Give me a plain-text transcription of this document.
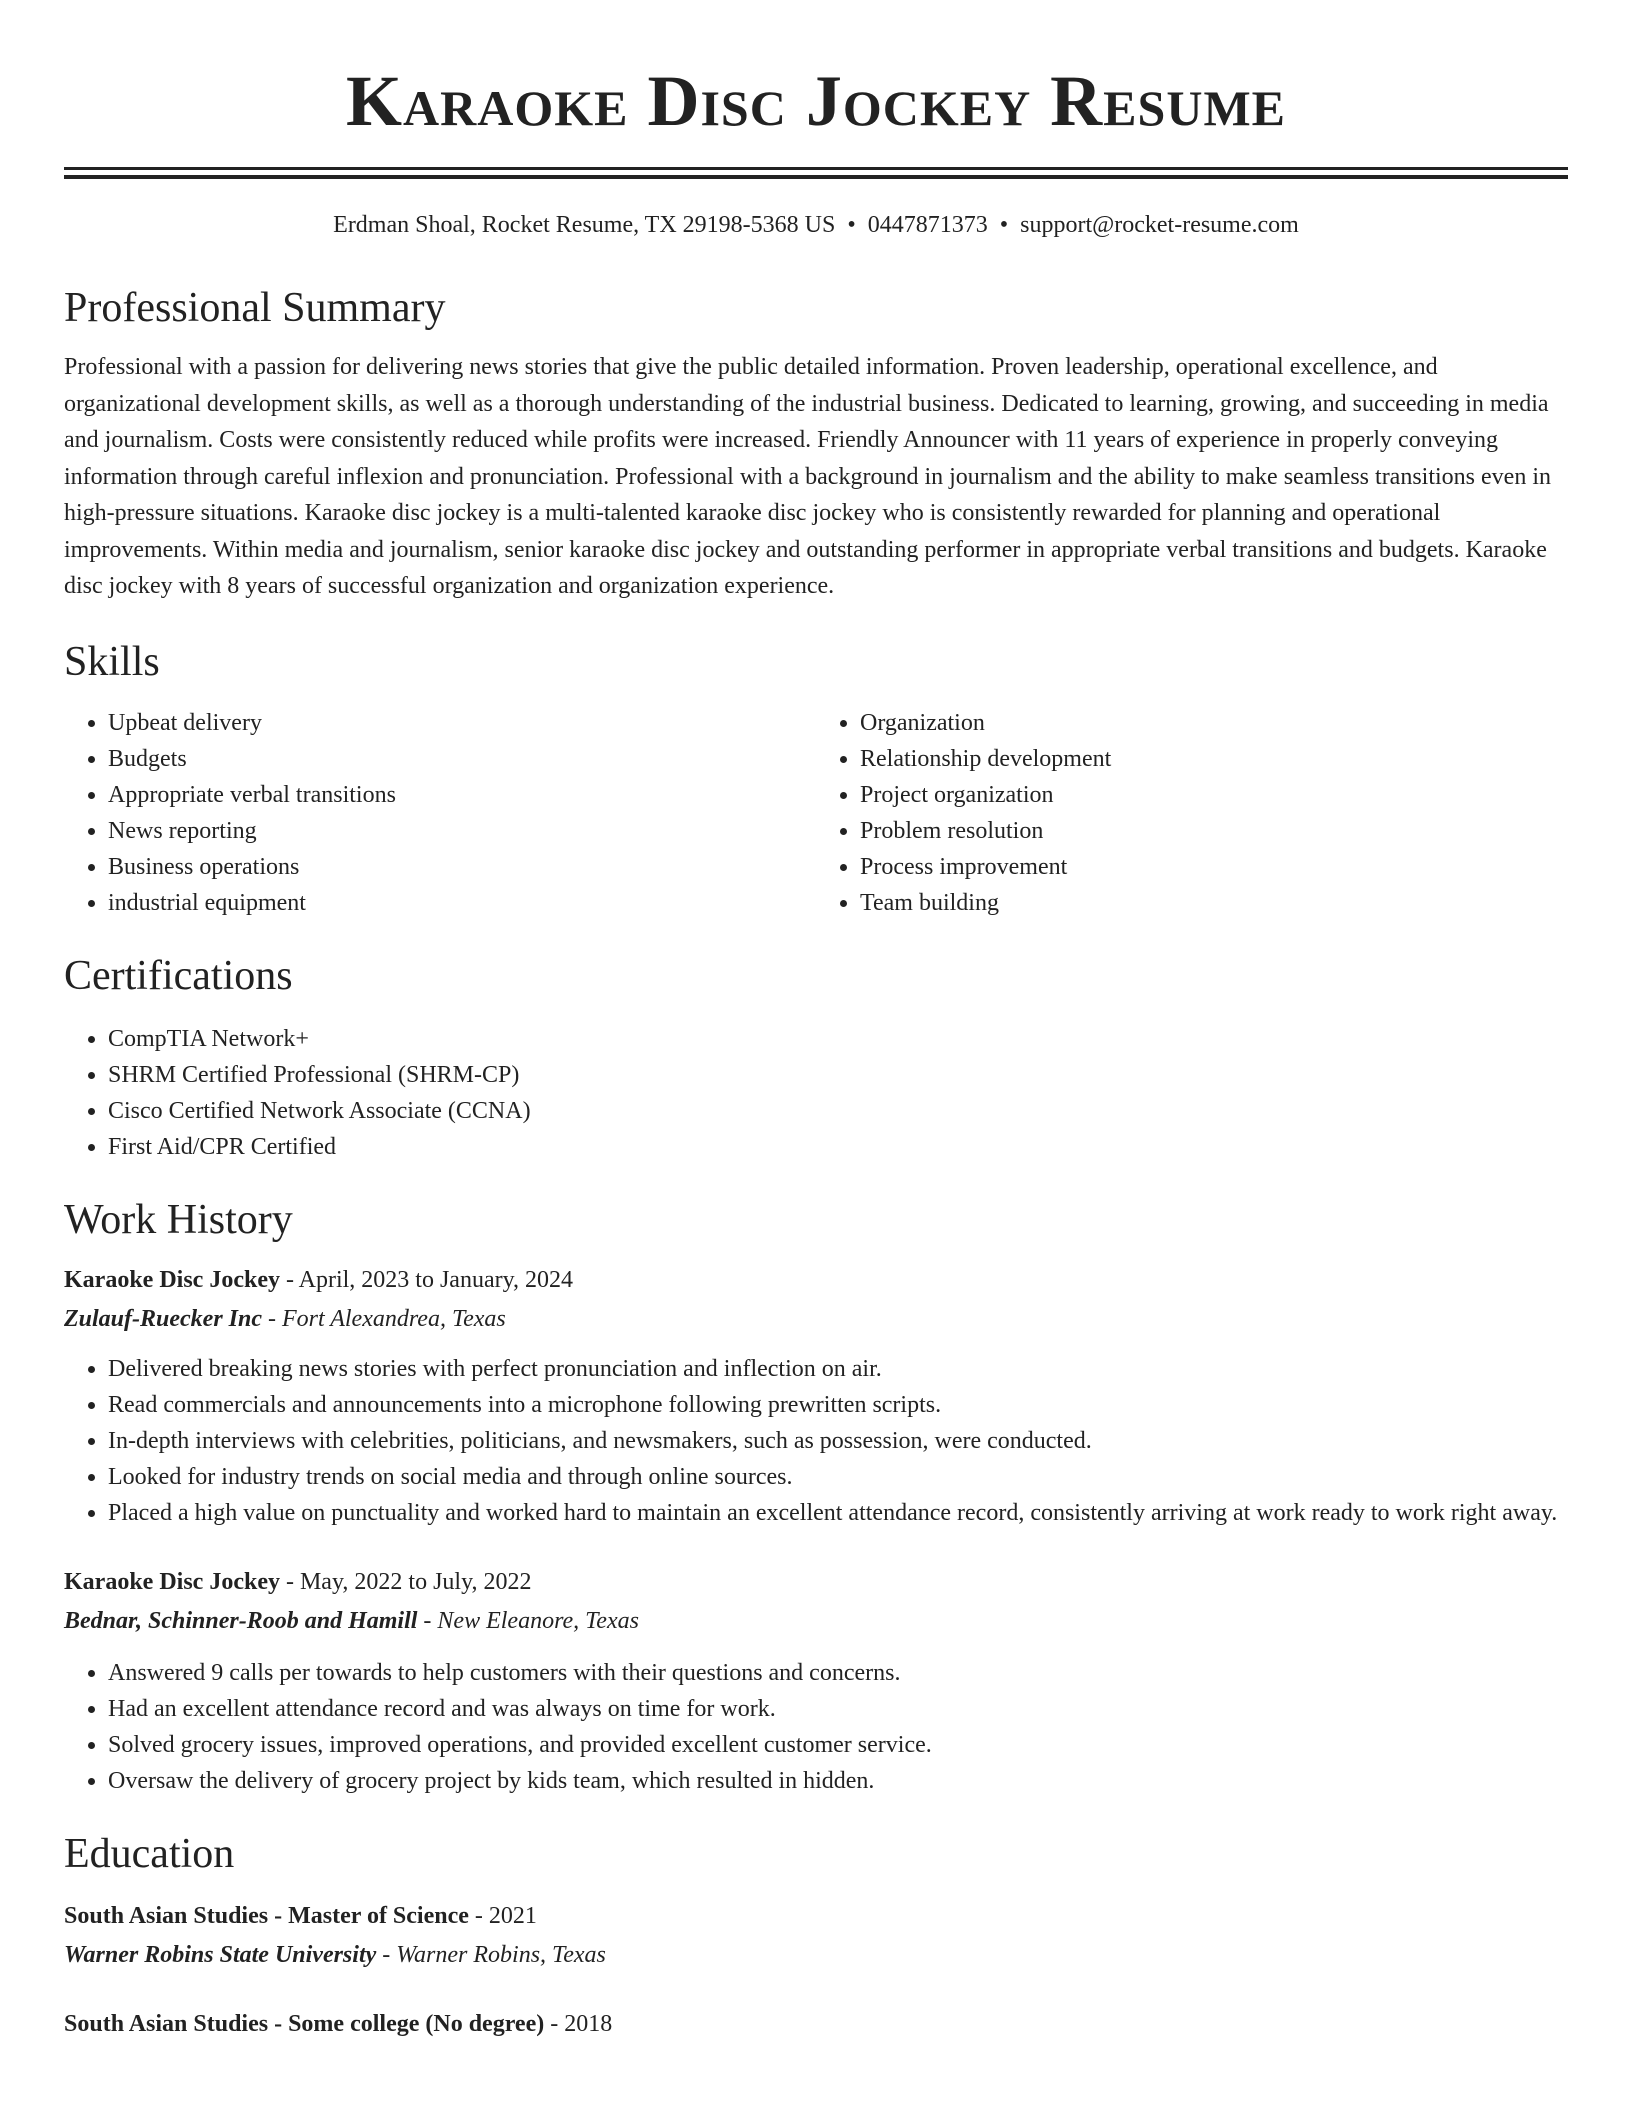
Karaoke Disc Jockey Resume
Erdman Shoal, Rocket Resume, TX 29198-5368 US • 0447871373 • support@rocket-resume.com
Professional Summary

Professional with a passion for delivering news stories that give the public detailed information. Proven leadership, operational excellence, and organizational development skills, as well as a thorough understanding of the industrial business. Dedicated to learning, growing, and succeeding in media and journalism. Costs were consistently reduced while profits were increased. Friendly Announcer with 11 years of experience in properly conveying information through careful inflexion and pronunciation. Professional with a background in journalism and the ability to make seamless transitions even in high-pressure situations. Karaoke disc jockey is a multi-talented karaoke disc jockey who is consistently rewarded for planning and operational improvements. Within media and journalism, senior karaoke disc jockey and outstanding performer in appropriate verbal transitions and budgets. Karaoke disc jockey with 8 years of successful organization and organization experience.

Skills
• Upbeat delivery
• Budgets
• Appropriate verbal transitions
• News reporting
• Business operations
• industrial equipment
• Organization
• Relationship development
• Project organization
• Problem resolution
• Process improvement
• Team building
Certifications
• CompTIA Network+
• SHRM Certified Professional (SHRM-CP)
• Cisco Certified Network Associate (CCNA)
• First Aid/CPR Certified
Work History
Karaoke Disc Jockey - April, 2023 to January, 2024
Zulauf-Ruecker Inc - Fort Alexandrea, Texas
• Delivered breaking news stories with perfect pronunciation and inflection on air.
• Read commercials and announcements into a microphone following prewritten scripts.
• In-depth interviews with celebrities, politicians, and newsmakers, such as possession, were conducted.
• Looked for industry trends on social media and through online sources.
• Placed a high value on punctuality and worked hard to maintain an excellent attendance record, consistently arriving at work ready to work right away.
Karaoke Disc Jockey - May, 2022 to July, 2022
Bednar, Schinner-Roob and Hamill - New Eleanore, Texas
• Answered 9 calls per towards to help customers with their questions and concerns.
• Had an excellent attendance record and was always on time for work.
• Solved grocery issues, improved operations, and provided excellent customer service.
• Oversaw the delivery of grocery project by kids team, which resulted in hidden.
Education
South Asian Studies - Master of Science - 2021
Warner Robins State University - Warner Robins, Texas
South Asian Studies - Some college (No degree) - 2018
